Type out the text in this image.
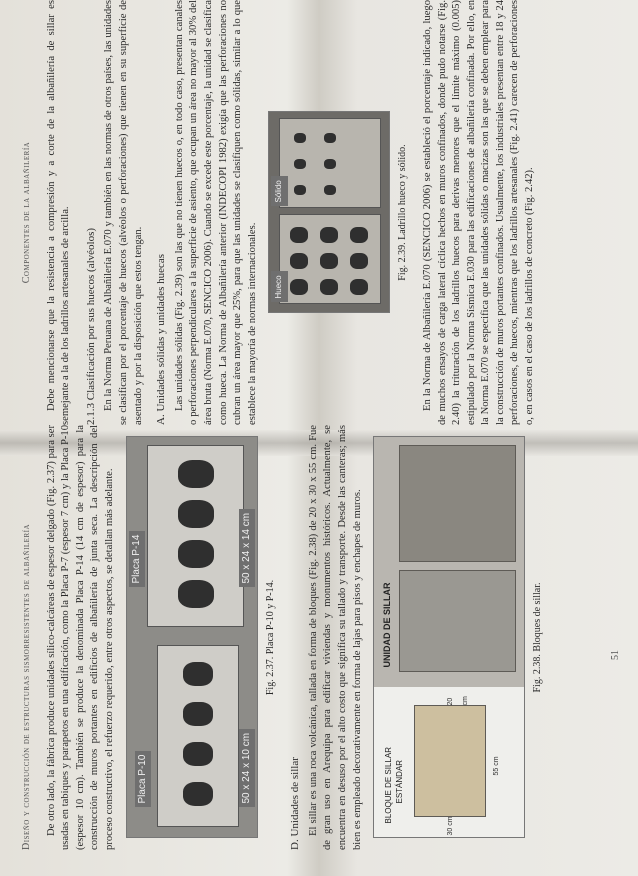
Diseño y construcción de estructuras sismorresistentes de albañilería De otro lado, la fábrica produce unidades sílico-calcáreas de espesor delgado (Fig. 2.37) para ser usadas en tabiques y parapetos en una edificación, como la Placa P-7 (espesor 7 cm) y la Placa P-10 (espesor 10 cm). También se produce la denominada Placa P-14 (14 cm de espesor) para la construcción de muros portantes en edificios de albañilería de junta seca. La descripción del proceso constructivo, el refuerzo requerido, entre otros aspectos, se detallan más adelante. Placa P-10	50 x 24 x 10 cm
Placa P-14	50 x 24 x 14 cm
Fig. 2.37. Placa P-10 y P-14.
D. Unidades de sillar El sillar es una roca volcánica, tallada en forma de bloques (Fig. 2.38) de 20 x 30 x 55 cm. Fue de gran uso en Arequipa para edificar viviendas y monumentos históricos. Actualmente, se encuentra en desuso por el alto costo que significa su tallado y transporte. Desde las canteras; más bien es empleado decorativamente en forma de lajas para pisos y enchapes de muros.	BLOQUE DE SILLAR ESTÁNDAR	55 cm
30 cm
20 cm
UNIDAD DE SILLAR	Fig. 2.38. Bloques de sillar.	51
Componentes de la albañilería Debe mencionarse que la resistencia a compresión y a corte de la albañilería de sillar es semejante a la de los ladrillos artesanales de arcilla. 2.1.3 Clasificación por sus huecos (alvéolos) En la Norma Peruana de Albañilería E.070 y también en las normas de otros países, las unidades se clasifican por el porcentaje de huecos (alvéolos o perforaciones) que tienen en su superficie de asentado y por la disposición que estos tengan. A. Unidades sólidas y unidades huecas Las unidades sólidas (Fig. 2.39) son las que no tienen huecos o, en todo caso, presentan canales o perforaciones perpendiculares a la superficie de asiento, que ocupan un área no mayor al 30% del área bruta (Norma E.070, SENCICO 2006). Cuando se excede este porcentaje, la unidad se clasifica como hueca. La Norma de Albañilería anterior (INDECOPI 1982) exigía que las perforaciones no cubran un área mayor que 25%, para que las unidades se clasifiquen como sólidas, similar a lo que establece la mayoría de normas internacionales.	Hueco
Sólido	Fig. 2.39. Ladrillo hueco y sólido. En la Norma de Albañilería E.070 (SENCICO 2006) se estableció el porcentaje indicado, luego de muchos ensayos de carga lateral cíclica hechos en muros confinados, donde pudo notarse (Fig. 2.40) la trituración de los ladrillos huecos para derivas menores que el límite máximo (0.005) estipulado por la Norma Sísmica E.030 para las edificaciones de albañilería confinada. Por ello, en la Norma E.070 se especifica que las unidades sólidas o macizas son las que se deben emplear para la construcción de muros portantes confinados. Usualmente, los industriales presentan entre 18 y 24 perforaciones, de huecos, mientras que los ladrillos artesanales (Fig. 2.41) carecen de perforaciones o, en casos en el caso de los ladrillos de concreto (Fig. 2.42).
